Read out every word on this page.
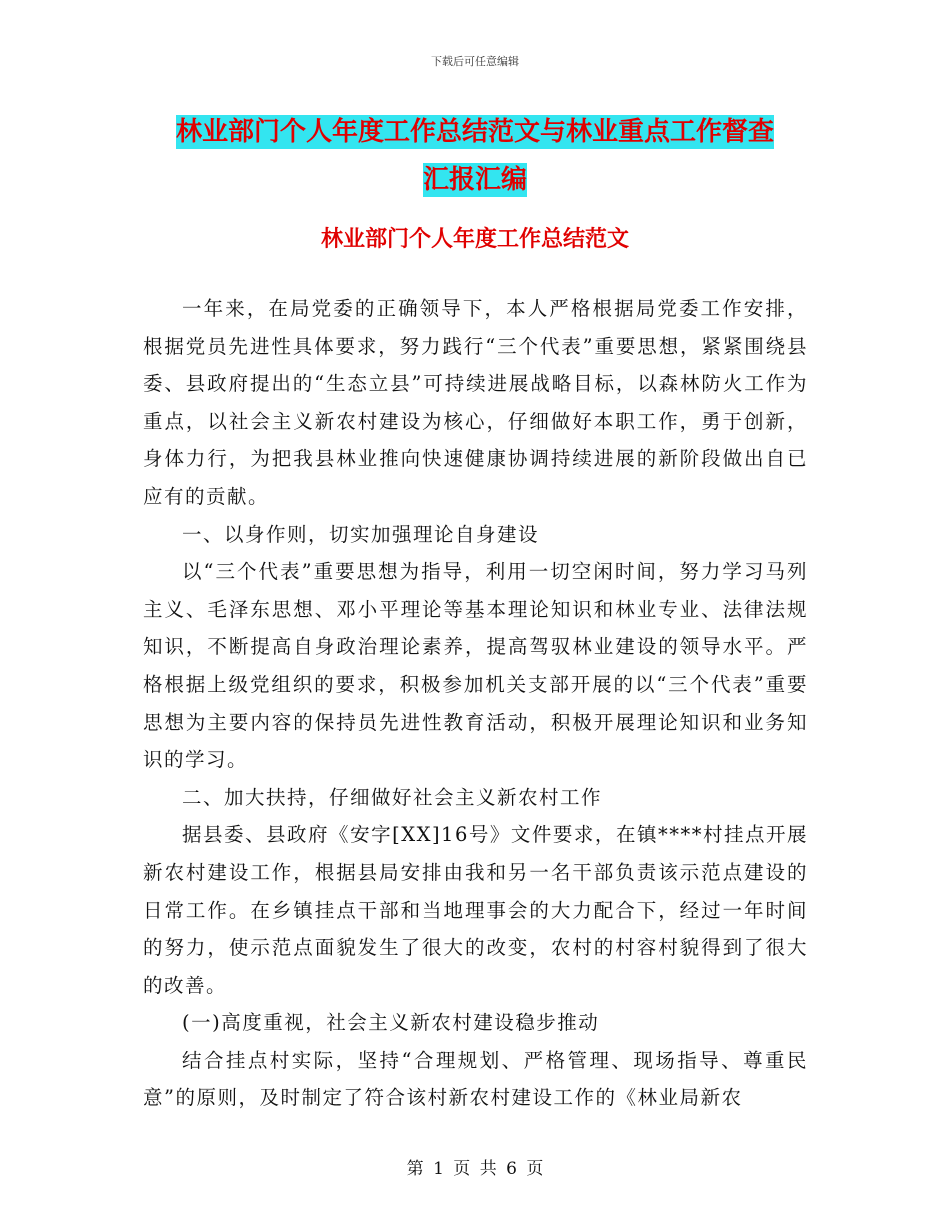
下载后可任意编辑
林业部门个人年度工作总结范文与林业重点工作督查
汇报汇编
林业部门个人年度工作总结范文

一年来，在局党委的正确领导下，本人严格根据局党委工作安排，根据党员先进性具体要求，努力践行“三个代表”重要思想，紧紧围绕县委、县政府提出的“生态立县”可持续进展战略目标，以森林防火工作为重点，以社会主义新农村建设为核心，仔细做好本职工作，勇于创新，身体力行，为把我县林业推向快速健康协调持续进展的新阶段做出自已应有的贡献。

一、以身作则，切实加强理论自身建设

以“三个代表”重要思想为指导，利用一切空闲时间，努力学习马列主义、毛泽东思想、邓小平理论等基本理论知识和林业专业、法律法规知识，不断提高自身政治理论素养，提高驾驭林业建设的领导水平。严格根据上级党组织的要求，积极参加机关支部开展的以“三个代表”重要思想为主要内容的保持员先进性教育活动，积极开展理论知识和业务知识的学习。

二、加大扶持，仔细做好社会主义新农村工作

据县委、县政府《安字[XX]16号》文件要求，在镇****村挂点开展新农村建设工作，根据县局安排由我和另一名干部负责该示范点建设的日常工作。在乡镇挂点干部和当地理事会的大力配合下，经过一年时间的努力，使示范点面貌发生了很大的改变，农村的村容村貌得到了很大的改善。

(一)高度重视，社会主义新农村建设稳步推动

结合挂点村实际，坚持“合理规划、严格管理、现场指导、尊重民意”的原则，及时制定了符合该村新农村建设工作的《林业局新农

第 1 页 共 6 页
